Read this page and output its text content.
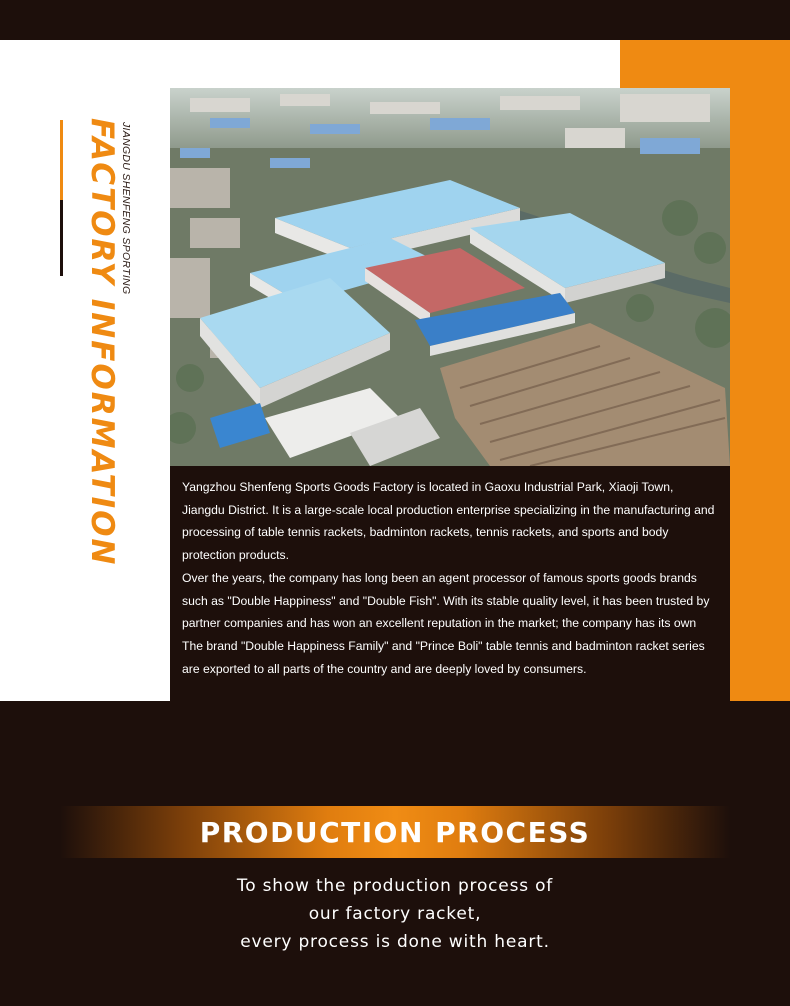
JIANGDU SHENFENG SPORTING
FACTORY INFORMATION	Yangzhou Shenfeng Sports Goods Factory is located in Gaoxu Industrial Park, Xiaoji Town, Jiangdu District. It is a large-scale local production enterprise specializing in the manufacturing and processing of table tennis rackets, badminton rackets, tennis rackets, and sports and body protection products.

Over the years, the company has long been an agent processor of famous sports goods brands such as "Double Happiness" and "Double Fish". With its stable quality level, it has been trusted by partner companies and has won an excellent reputation in the market; the company has its own The brand "Double Happiness Family" and "Prince Boli" table tennis and badminton racket series are exported to all parts of the country and are deeply loved by consumers.

PRODUCTION PROCESS
To show the production process of
our factory racket,
every process is done with heart.
